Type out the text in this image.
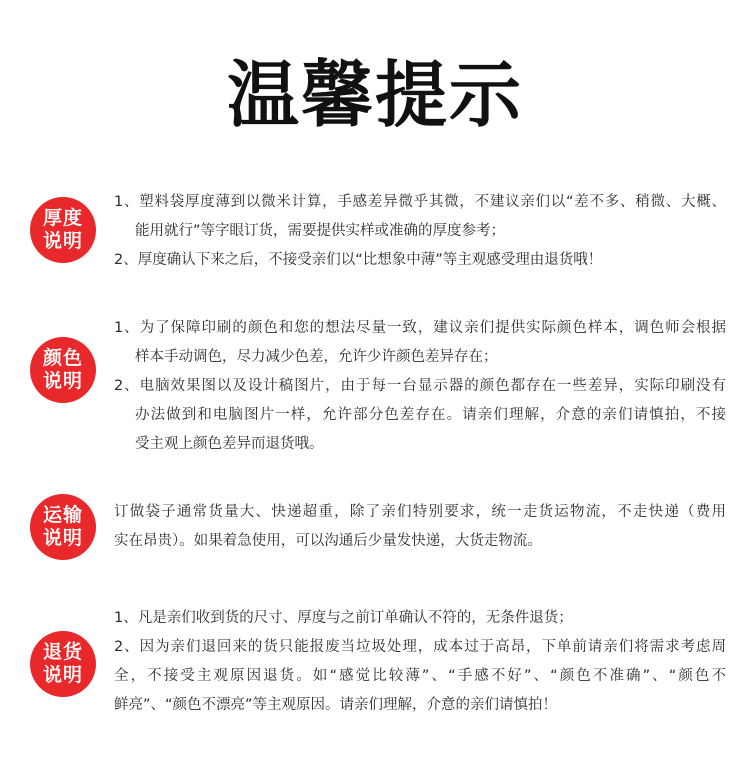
温馨提示
厚度
说明
1、塑料袋厚度薄到以微米计算，手感差异微乎其微，不建议亲们以“差不多、稍微、大概、
能用就行”等字眼订货，需要提供实样或准确的厚度参考；
2、厚度确认下来之后，不接受亲们以“比想象中薄”等主观感受理由退货哦！
颜色
说明
1、为了保障印刷的颜色和您的想法尽量一致，建议亲们提供实际颜色样本，调色师会根据
样本手动调色，尽力减少色差，允许少许颜色差异存在；
2、电脑效果图以及设计稿图片，由于每一台显示器的颜色都存在一些差异，实际印刷没有
办法做到和电脑图片一样，允许部分色差存在。请亲们理解，介意的亲们请慎拍，不接
受主观上颜色差异而退货哦。
运输
说明
订做袋子通常货量大、快递超重，除了亲们特别要求，统一走货运物流，不走快递（费用
实在昂贵）。如果着急使用，可以沟通后少量发快递，大货走物流。
退货
说明
1、凡是亲们收到货的尺寸、厚度与之前订单确认不符的，无条件退货；
2、因为亲们退回来的货只能报废当垃圾处理，成本过于高昂，下单前请亲们将需求考虑周
全，不接受主观原因退货。如“感觉比较薄”、“手感不好”、“颜色不准确”、“颜色不
鲜亮”、“颜色不漂亮”等主观原因。请亲们理解，介意的亲们请慎拍！
